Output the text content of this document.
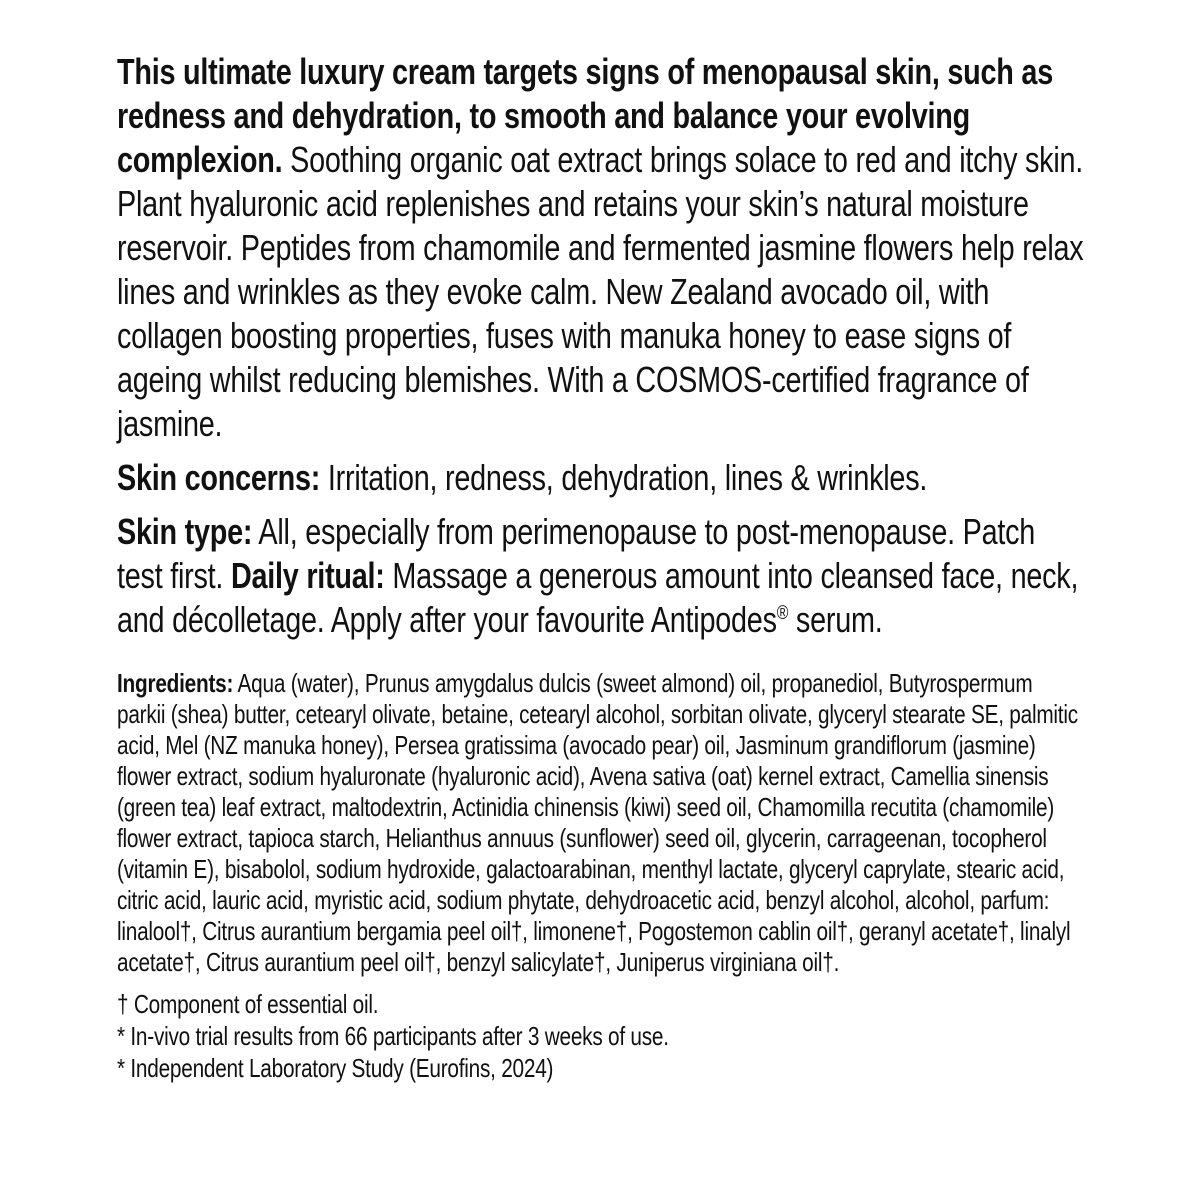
This ultimate luxury cream targets signs of menopausal skin, such as redness and dehydration, to smooth and balance your evolving complexion. Soothing organic oat extract brings solace to red and itchy skin. Plant hyaluronic acid replenishes and retains your skin’s natural moisture reservoir. Peptides from chamomile and fermented jasmine flowers help relax lines and wrinkles as they evoke calm. New Zealand avocado oil, with collagen boosting properties, fuses with manuka honey to ease signs of ageing whilst reducing blemishes. With a COSMOS-certified fragrance of jasmine.

Skin concerns: Irritation, redness, dehydration, lines & wrinkles.

Skin type: All, especially from perimenopause to post-menopause. Patch test first. Daily ritual: Massage a generous amount into cleansed face, neck, and décolletage. Apply after your favourite Antipodes® serum.

Ingredients: Aqua (water), Prunus amygdalus dulcis (sweet almond) oil, propanediol, Butyrospermum parkii (shea) butter, cetearyl olivate, betaine, cetearyl alcohol, sorbitan olivate, glyceryl stearate SE, palmitic acid, Mel (NZ manuka honey), Persea gratissima (avocado pear) oil, Jasminum grandiflorum (jasmine) flower extract, sodium hyaluronate (hyaluronic acid), Avena sativa (oat) kernel extract, Camellia sinensis (green tea) leaf extract, maltodextrin, Actinidia chinensis (kiwi) seed oil, Chamomilla recutita (chamomile) flower extract, tapioca starch, Helianthus annuus (sunflower) seed oil, glycerin, carrageenan, tocopherol (vitamin E), bisabolol, sodium hydroxide, galactoarabinan, menthyl lactate, glyceryl caprylate, stearic acid, citric acid, lauric acid, myristic acid, sodium phytate, dehydroacetic acid, benzyl alcohol, alcohol, parfum: linalool†, Citrus aurantium bergamia peel oil†, limonene†, Pogostemon cablin oil†, geranyl acetate†, linalyl acetate†, Citrus aurantium peel oil†, benzyl salicylate†, Juniperus virginiana oil†.

† Component of essential oil.

* In-vivo trial results from 66 participants after 3 weeks of use.

* Independent Laboratory Study (Eurofins, 2024)
